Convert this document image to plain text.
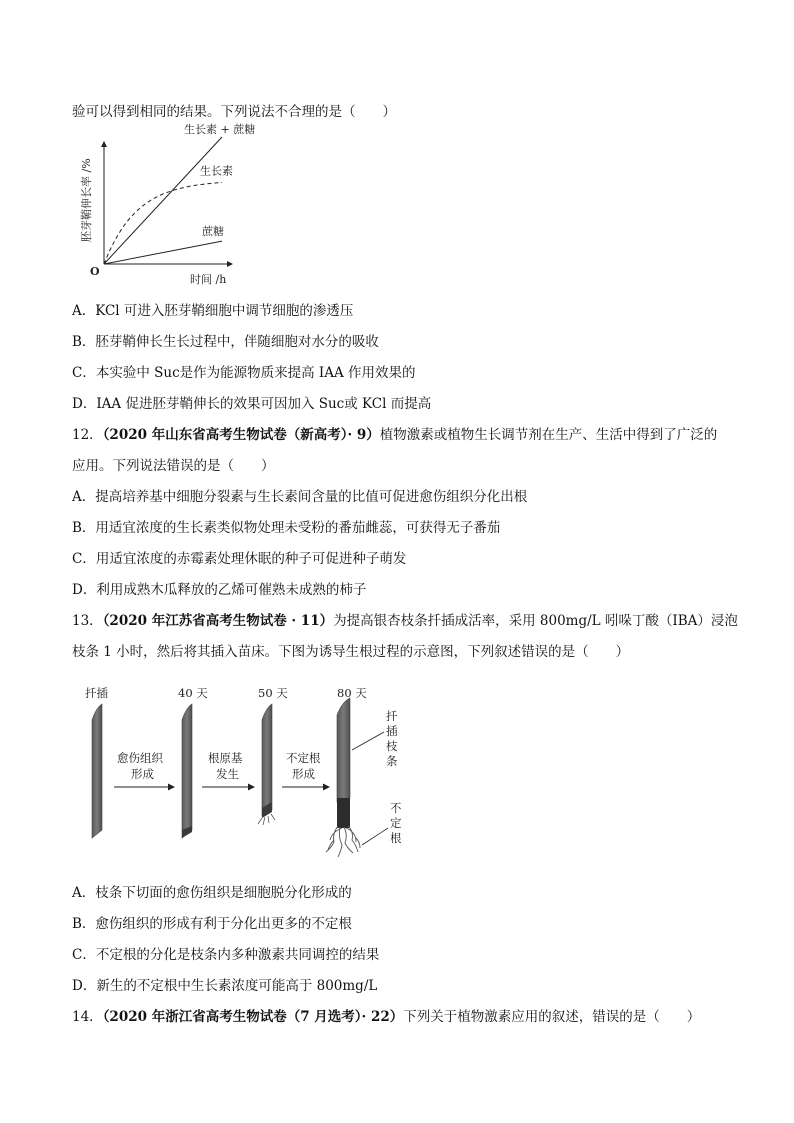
验可以得到相同的结果。下列说法不合理的是（　　）
胚芽鞘伸长率 /%
O
时间 /h
生长素 + 蔗糖
生长素
蔗糖
A．KCl 可进入胚芽鞘细胞中调节细胞的渗透压
B．胚芽鞘伸长生长过程中，伴随细胞对水分的吸收
C．本实验中 Suc是作为能源物质来提高 IAA 作用效果的
D．IAA 促进胚芽鞘伸长的效果可因加入 Suc或 KCl 而提高
12．（2020 年山东省高考生物试卷（新高考）· 9）植物激素或植物生长调节剂在生产、生活中得到了广泛的
应用。下列说法错误的是（　　）
A．提高培养基中细胞分裂素与生长素间含量的比值可促进愈伤组织分化出根
B．用适宜浓度的生长素类似物处理未受粉的番茄雌蕊，可获得无子番茄
C．用适宜浓度的赤霉素处理休眠的种子可促进种子萌发
D．利用成熟木瓜释放的乙烯可催熟未成熟的柿子
13．（2020 年江苏省高考生物试卷 · 11）为提高银杏枝条扦插成活率，采用 800mg/L 吲哚丁酸（IBA）浸泡
枝条 1 小时，然后将其插入苗床。下图为诱导生根过程的示意图，下列叙述错误的是（　　）
扦插	40 天	50 天	80 天
愈伤组织
形成
根原基
发生
不定根
形成
扦
插
枝
条
不
定
根
A．枝条下切面的愈伤组织是细胞脱分化形成的
B．愈伤组织的形成有利于分化出更多的不定根
C．不定根的分化是枝条内多种激素共同调控的结果
D．新生的不定根中生长素浓度可能高于 800mg/L
14．（2020 年浙江省高考生物试卷（7 月选考）· 22）下列关于植物激素应用的叙述，错误的是（　　）
